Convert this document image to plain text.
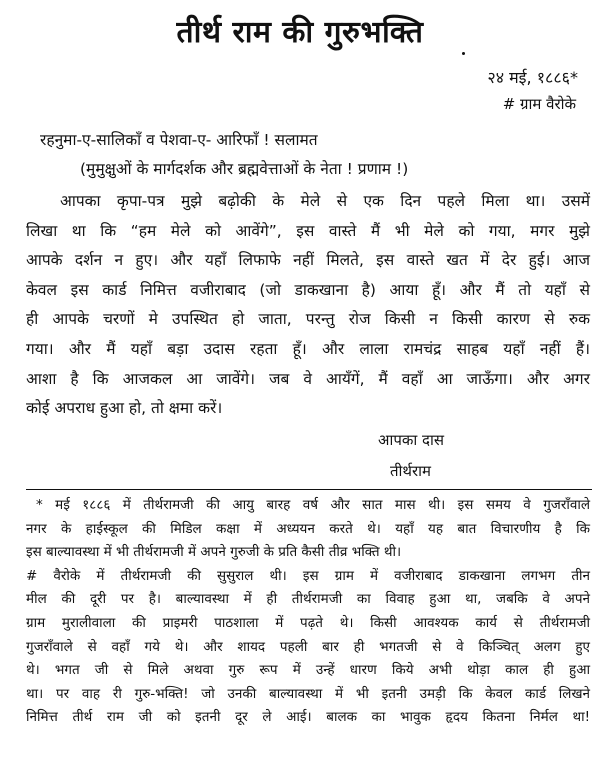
तीर्थ राम की गुरुभक्ति
२४ मई, १८८६*
# ग्राम वैरोके
रहनुमा-ए-सालिकाँ व पेशवा-ए- आरिफाँ ! सलामत
(मुमुक्षुओं के मार्गदर्शक और ब्रह्मवेत्ताओं के नेता ! प्रणाम !)
आपका कृपा-पत्र मुझे बढ़ोकी के मेले से एक दिन पहले मिला था। उसमें
लिखा था कि “हम मेले को आवेंगे”, इस वास्ते मैं भी मेले को गया, मगर मुझे
आपके दर्शन न हुए। और यहाँ लिफाफे नहीं मिलते, इस वास्ते खत में देर हुई। आज
केवल इस कार्ड निमित्त वजीराबाद (जो डाकखाना है) आया हूँ। और मैं तो यहाँ से
ही आपके चरणों मे उपस्थित हो जाता, परन्तु रोज किसी न किसी कारण से रुक
गया। और मैं यहाँ बड़ा उदास रहता हूँ। और लाला रामचंद्र साहब यहाँ नहीं हैं।
आशा है कि आजकल आ जावेंगे। जब वे आयँगें, मैं वहाँ आ जाऊँगा। और अगर
कोई अपराध हुआ हो, तो क्षमा करें।
आपका दास
तीर्थराम
* मई १८८६ में तीर्थरामजी की आयु बारह वर्ष और सात मास थी। इस समय वे गुजराँवाले
नगर के हाईस्कूल की मिडिल कक्षा में अध्ययन करते थे। यहाँ यह बात विचारणीय है कि
इस बाल्यावस्था में भी तीर्थरामजी में अपने गुरुजी के प्रति कैसी तीव्र भक्ति थी।
# वैरोके में तीर्थरामजी की सुसुराल थी। इस ग्राम में वजीराबाद डाकखाना लगभग तीन
मील की दूरी पर है। बाल्यावस्था में ही तीर्थरामजी का विवाह हुआ था, जबकि वे अपने
ग्राम मुरालीवाला की प्राइमरी पाठशाला में पढ़ते थे। किसी आवश्यक कार्य से तीर्थरामजी
गुजराँवाले से वहाँ गये थे। और शायद पहली बार ही भगतजी से वे किञ्चित् अलग हुए
थे। भगत जी से मिले अथवा गुरु रूप में उन्हें धारण किये अभी थोड़ा काल ही हुआ
था। पर वाह री गुरु-भक्ति! जो उनकी बाल्यावस्था में भी इतनी उमड़ी कि केवल कार्ड लिखने
निमित्त तीर्थ राम जी को इतनी दूर ले आई। बालक का भावुक हृदय कितना निर्मल था!
